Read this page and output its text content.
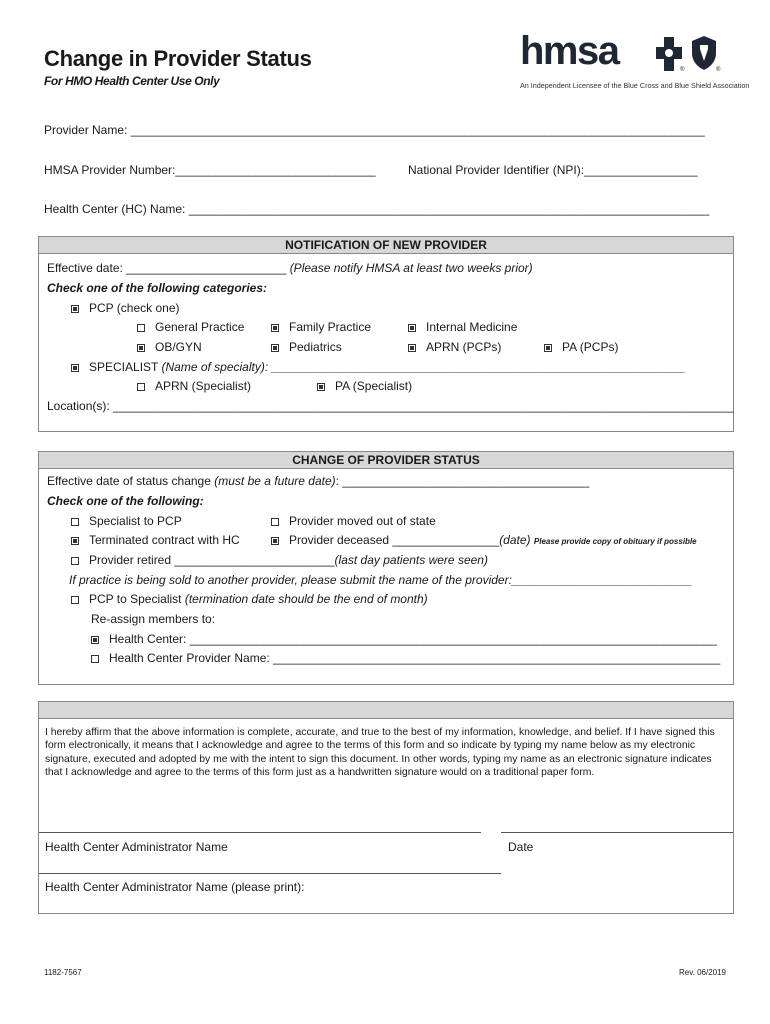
Change in Provider Status
For HMO Health Center Use Only
hmsa	®	®
An Independent Licensee of the Blue Cross and Blue Shield Association
Provider Name: ______________________________________________________________________________________
HMSA Provider Number:______________________________	National Provider Identifier (NPI):_________________
Health Center (HC) Name: ______________________________________________________________________________
NOTIFICATION OF NEW PROVIDER
Effective date: ________________________ (Please notify HMSA at least two weeks prior)
Check one of the following categories:
PCP (check one)
General Practice	Family Practice	Internal Medicine
OB/GYN	Pediatrics	APRN (PCPs)	PA (PCPs)
SPECIALIST (Name of specialty): ______________________________________________________________
APRN (Specialist)	PA (Specialist)
Location(s): _____________________________________________________________________________________________
CHANGE OF PROVIDER STATUS
Effective date of status change (must be a future date): _____________________________________
Check one of the following:
Specialist to PCP	Provider moved out of state
Terminated contract with HC	Provider deceased ________________(date) Please provide copy of obituary if possible
Provider retired ________________________(last day patients were seen)
If practice is being sold to another provider, please submit the name of the provider:___________________________
PCP to Specialist (termination date should be the end of month)
Re-assign members to:
Health Center: _______________________________________________________________________________
Health Center Provider Name: ___________________________________________________________________
I hereby affirm that the above information is complete, accurate, and true to the best of my information, knowledge, and belief. If I have signed this form electronically, it means that I acknowledge and agree to the terms of this form and so indicate by typing my name below as my electronic signature, executed and adopted by me with the intent to sign this document. In other words, typing my name as an electronic signature indicates that I acknowledge and agree to the terms of this form just as a handwritten signature would on a traditional paper form.
Health Center Administrator Name	Date
Health Center Administrator Name (please print):
1182-7567	Rev. 06/2019
